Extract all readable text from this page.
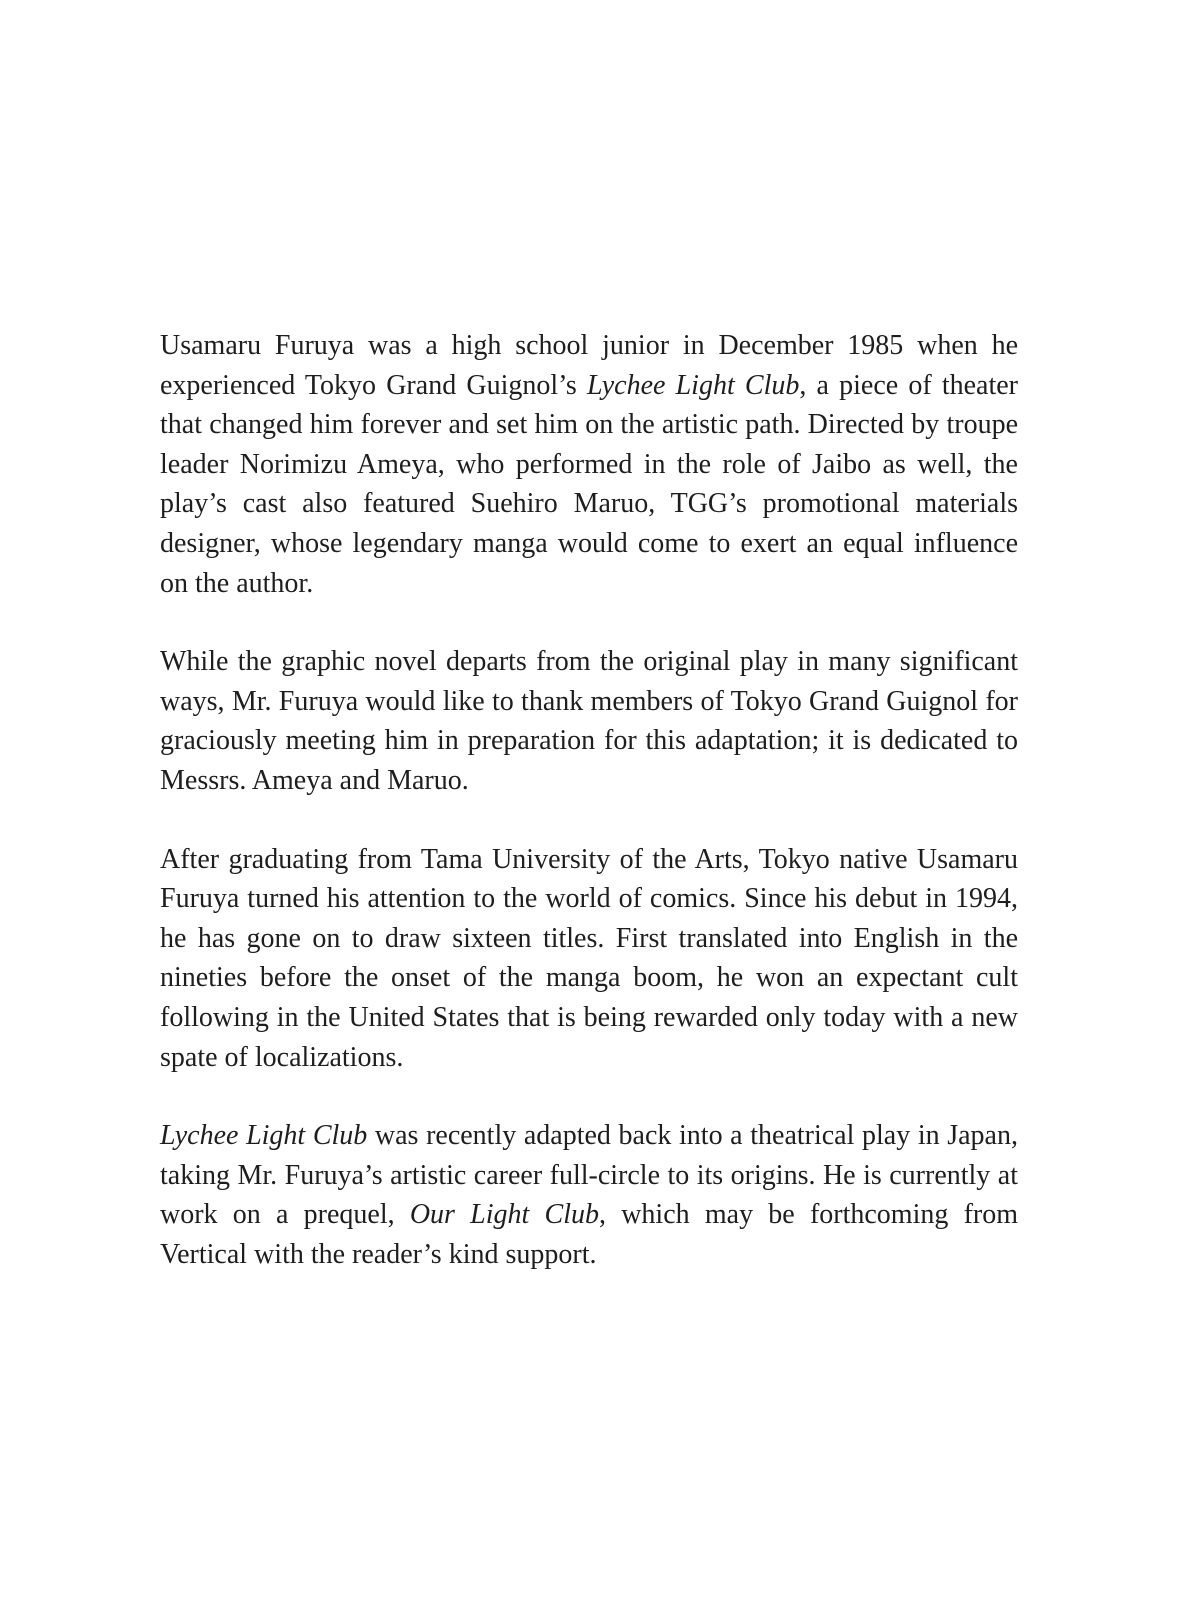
Usamaru Furuya was a high school junior in December 1985 when he experienced Tokyo Grand Guignol’s Lychee Light Club, a piece of theater that changed him forever and set him on the artistic path. Directed by troupe leader Norimizu Ameya, who performed in the role of Jaibo as well, the play’s cast also featured Suehiro Maruo, TGG’s promotional materials designer, whose legendary manga would come to exert an equal influence on the author.

While the graphic novel departs from the original play in many significant ways, Mr. Furuya would like to thank members of Tokyo Grand Guignol for graciously meeting him in preparation for this adaptation; it is dedicated to Messrs. Ameya and Maruo.

After graduating from Tama University of the Arts, Tokyo native Usamaru Furuya turned his attention to the world of comics. Since his debut in 1994, he has gone on to draw sixteen titles. First translated into English in the nineties before the onset of the manga boom, he won an expectant cult following in the United States that is being rewarded only today with a new spate of localizations.

Lychee Light Club was recently adapted back into a theatrical play in Japan, taking Mr. Furuya’s artistic career full-circle to its origins. He is currently at work on a prequel, Our Light Club, which may be forthcoming from Vertical with the reader’s kind support.
